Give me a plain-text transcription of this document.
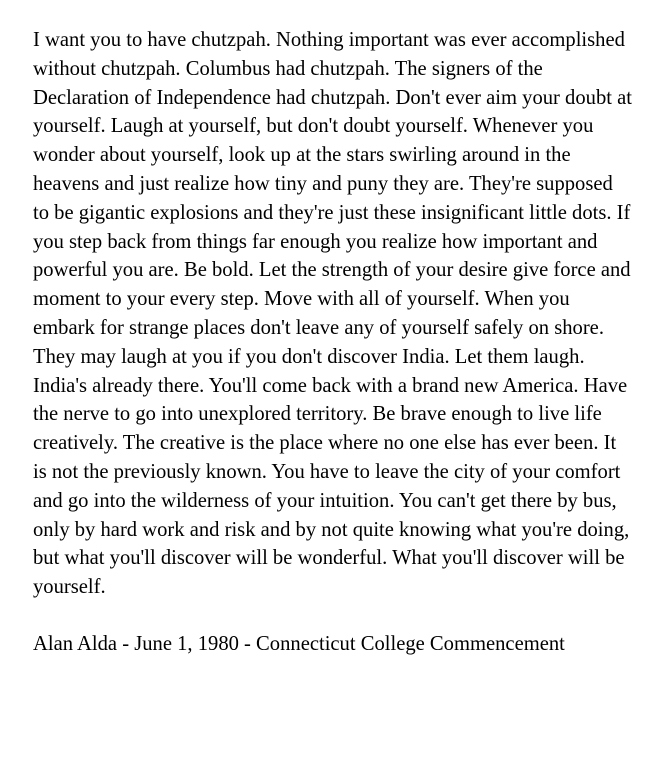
I want you to have chutzpah. Nothing important was ever accomplished without chutzpah. Columbus had chutzpah. The signers of the Declaration of Independence had chutzpah. Don't ever aim your doubt at yourself. Laugh at yourself, but don't doubt yourself. Whenever you wonder about yourself, look up at the stars swirling around in the heavens and just realize how tiny and puny they are. They're supposed to be gigantic explosions and they're just these insignificant little dots. If you step back from things far enough you realize how important and powerful you are. Be bold. Let the strength of your desire give force and moment to your every step. Move with all of yourself. When you embark for strange places don't leave any of yourself safely on shore. They may laugh at you if you don't discover India. Let them laugh. India's already there. You'll come back with a brand new America. Have the nerve to go into unexplored territory. Be brave enough to live life creatively. The creative is the place where no one else has ever been. It is not the previously known. You have to leave the city of your comfort and go into the wilderness of your intuition. You can't get there by bus, only by hard work and risk and by not quite knowing what you're doing, but what you'll discover will be wonderful. What you'll discover will be yourself.

Alan Alda - June 1, 1980 - Connecticut College Commencement
